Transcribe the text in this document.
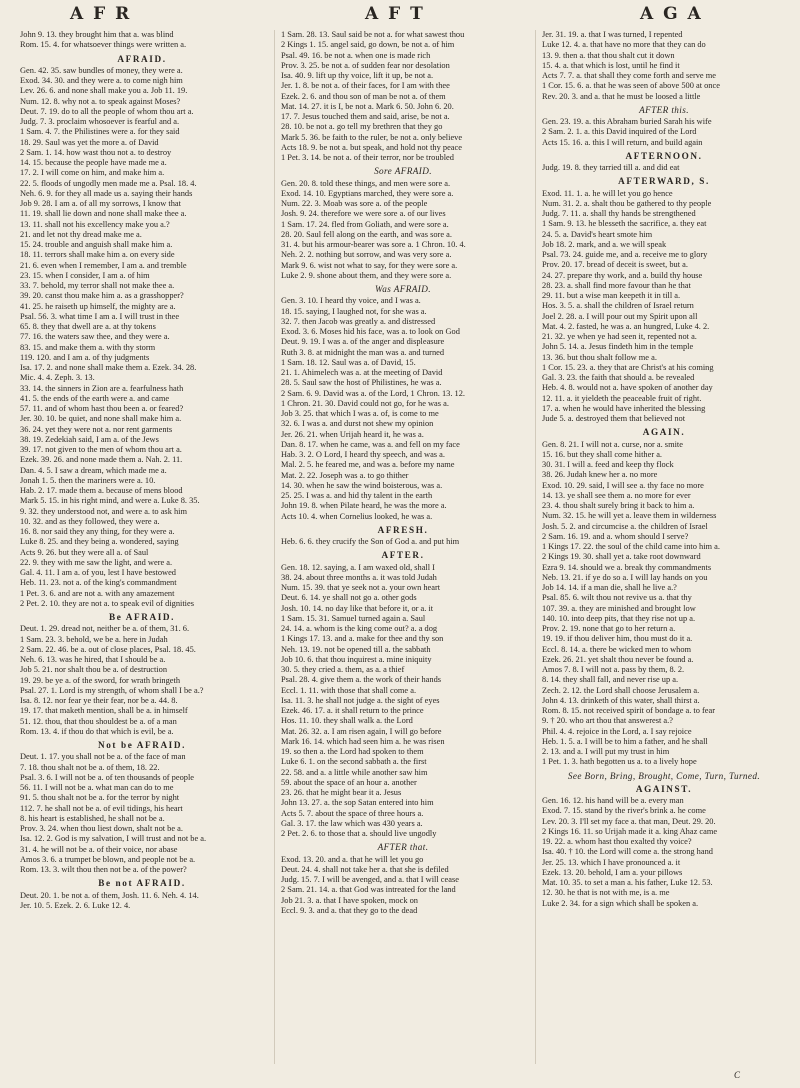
A F R	A F T	A G A

John 9. 13. they brought him that a. was blind

Rom. 15. 4. for whatsoever things were written a.

AFRAID.

Gen. 42. 35. saw bundles of money, they were a.

Exod. 34. 30. and they were a. to come nigh him

Lev. 26. 6. and none shall make you a. Job 11. 19.

Num. 12. 8. why not a. to speak against Moses?

Deut. 7. 19. do to all the people of whom thou art a.

Judg. 7. 3. proclaim whosoever is fearful and a.

1 Sam. 4. 7. the Philistines were a. for they said

18. 29. Saul was yet the more a. of David

2 Sam. 1. 14. how wast thou not a. to destroy

14. 15. because the people have made me a.

17. 2. I will come on him, and make him a.

22. 5. floods of ungodly men made me a. Psal. 18. 4.

Neh. 6. 9. for they all made us a. saying their hands

Job 9. 28. I am a. of all my sorrows, I know that

11. 19. shall lie down and none shall make thee a.

13. 11. shall not his excellency make you a.?

21. and let not thy dread make me a.

15. 24. trouble and anguish shall make him a.

18. 11. terrors shall make him a. on every side

21. 6. even when I remember, I am a. and tremble

23. 15. when I consider, I am a. of him

33. 7. behold, my terror shall not make thee a.

39. 20. canst thou make him a. as a grasshopper?

41. 25. he raiseth up himself, the mighty are a.

Psal. 56. 3. what time I am a. I will trust in thee

65. 8. they that dwell are a. at thy tokens

77. 16. the waters saw thee, and they were a.

83. 15. and make them a. with thy storm

119. 120. and I am a. of thy judgments

Isa. 17. 2. and none shall make them a. Ezek. 34. 28.

Mic. 4. 4. Zeph. 3. 13.

33. 14. the sinners in Zion are a. fearfulness hath

41. 5. the ends of the earth were a. and came

57. 11. and of whom hast thou been a. or feared?

Jer. 30. 10. be quiet, and none shall make him a.

36. 24. yet they were not a. nor rent garments

38. 19. Zedekiah said, I am a. of the Jews

39. 17. not given to the men of whom thou art a.

Ezek. 39. 26. and none made them a. Nah. 2. 11.

Dan. 4. 5. I saw a dream, which made me a.

Jonah 1. 5. then the mariners were a. 10.

Hab. 2. 17. made them a. because of mens blood

Mark 5. 15. in his right mind, and were a. Luke 8. 35.

9. 32. they understood not, and were a. to ask him

10. 32. and as they followed, they were a.

16. 8. nor said they any thing, for they were a.

Luke 8. 25. and they being a. wondered, saying

Acts 9. 26. but they were all a. of Saul

22. 9. they with me saw the light, and were a.

Gal. 4. 11. I am a. of you, lest I have bestowed

Heb. 11. 23. not a. of the king's commandment

1 Pet. 3. 6. and are not a. with any amazement

2 Pet. 2. 10. they are not a. to speak evil of dignities

Be AFRAID.

Deut. 1. 29. dread not, neither be a. of them, 31. 6.

1 Sam. 23. 3. behold, we be a. here in Judah

2 Sam. 22. 46. be a. out of close places, Psal. 18. 45.

Neh. 6. 13. was he hired, that I should be a.

Job 5. 21. nor shalt thou be a. of destruction

19. 29. be ye a. of the sword, for wrath bringeth

Psal. 27. 1. Lord is my strength, of whom shall I be a.?

Isa. 8. 12. nor fear ye their fear, nor be a. 44. 8.

19. 17. that maketh mention, shall be a. in himself

51. 12. thou, that thou shouldest be a. of a man

Rom. 13. 4. if thou do that which is evil, be a.

Not be AFRAID.

Deut. 1. 17. you shall not be a. of the face of man

7. 18. thou shalt not be a. of them, 18. 22.

Psal. 3. 6. I will not be a. of ten thousands of people

56. 11. I will not be a. what man can do to me

91. 5. thou shalt not be a. for the terror by night

112. 7. he shall not be a. of evil tidings, his heart

8. his heart is established, he shall not be a.

Prov. 3. 24. when thou liest down, shalt not be a.

Isa. 12. 2. God is my salvation, I will trust and not be a.

31. 4. he will not be a. of their voice, nor abase

Amos 3. 6. a trumpet be blown, and people not be a.

Rom. 13. 3. wilt thou then not be a. of the power?

Be not AFRAID.

Deut. 20. 1. be not a. of them, Josh. 11. 6. Neh. 4. 14.

Jer. 10. 5. Ezek. 2. 6. Luke 12. 4.

1 Sam. 28. 13. Saul said be not a. for what sawest thou

2 Kings 1. 15. angel said, go down, be not a. of him

Psal. 49. 16. be not a. when one is made rich

Prov. 3. 25. be not a. of sudden fear nor desolation

Isa. 40. 9. lift up thy voice, lift it up, be not a.

Jer. 1. 8. be not a. of their faces, for I am with thee

Ezek. 2. 6. and thou son of man be not a. of them

Mat. 14. 27. it is I, be not a. Mark 6. 50. John 6. 20.

17. 7. Jesus touched them and said, arise, be not a.

28. 10. be not a. go tell my brethren that they go

Mark 5. 36. be faith to the ruler, be not a. only believe

Acts 18. 9. be not a. but speak, and hold not thy peace

1 Pet. 3. 14. be not a. of their terror, nor be troubled

Sore AFRAID.

Gen. 20. 8. told these things, and men were sore a.

Exod. 14. 10. Egyptians marched, they were sore a.

Num. 22. 3. Moab was sore a. of the people

Josh. 9. 24. therefore we were sore a. of our lives

1 Sam. 17. 24. fled from Goliath, and were sore a.

28. 20. Saul fell along on the earth, and was sore a.

31. 4. but his armour-bearer was sore a. 1 Chron. 10. 4.

Neh. 2. 2. nothing but sorrow, and was very sore a.

Mark 9. 6. wist not what to say, for they were sore a.

Luke 2. 9. shone about them, and they were sore a.

Was AFRAID.

Gen. 3. 10. I heard thy voice, and I was a.

18. 15. saying, I laughed not, for she was a.

32. 7. then Jacob was greatly a. and distressed

Exod. 3. 6. Moses hid his face, was a. to look on God

Deut. 9. 19. I was a. of the anger and displeasure

Ruth 3. 8. at midnight the man was a. and turned

1 Sam. 18. 12. Saul was a. of David, 15.

21. 1. Ahimelech was a. at the meeting of David

28. 5. Saul saw the host of Philistines, he was a.

2 Sam. 6. 9. David was a. of the Lord, 1 Chron. 13. 12.

1 Chron. 21. 30. David could not go, for he was a.

Job 3. 25. that which I was a. of, is come to me

32. 6. I was a. and durst not shew my opinion

Jer. 26. 21. when Urijah heard it, he was a.

Dan. 8. 17. when he came, was a. and fell on my face

Hab. 3. 2. O Lord, I heard thy speech, and was a.

Mal. 2. 5. he feared me, and was a. before my name

Mat. 2. 22. Joseph was a. to go thither

14. 30. when he saw the wind boisterous, was a.

25. 25. I was a. and hid thy talent in the earth

John 19. 8. when Pilate heard, he was the more a.

Acts 10. 4. when Cornelius looked, he was a.

AFRESH.

Heb. 6. 6. they crucify the Son of God a. and put him

AFTER.

Gen. 18. 12. saying, a. I am waxed old, shall I

38. 24. about three months a. it was told Judah

Num. 15. 39. that ye seek not a. your own heart

Deut. 6. 14. ye shall not go a. other gods

Josh. 10. 14. no day like that before it, or a. it

1 Sam. 15. 31. Samuel turned again a. Saul

24. 14. a. whom is the king come out? a. a dog

1 Kings 17. 13. and a. make for thee and thy son

Neh. 13. 19. not be opened till a. the sabbath

Job 10. 6. that thou inquirest a. mine iniquity

30. 5. they cried a. them, as a. a thief

Psal. 28. 4. give them a. the work of their hands

Eccl. 1. 11. with those that shall come a.

Isa. 11. 3. he shall not judge a. the sight of eyes

Ezek. 46. 17. a. it shall return to the prince

Hos. 11. 10. they shall walk a. the Lord

Mat. 26. 32. a. I am risen again, I will go before

Mark 16. 14. which had seen him a. he was risen

19. so then a. the Lord had spoken to them

Luke 6. 1. on the second sabbath a. the first

22. 58. and a. a little while another saw him

59. about the space of an hour a. another

23. 26. that he might bear it a. Jesus

John 13. 27. a. the sop Satan entered into him

Acts 5. 7. about the space of three hours a.

Gal. 3. 17. the law which was 430 years a.

2 Pet. 2. 6. to those that a. should live ungodly

AFTER that.

Exod. 13. 20. and a. that he will let you go

Deut. 24. 4. shall not take her a. that she is defiled

Judg. 15. 7. I will be avenged, and a. that I will cease

2 Sam. 21. 14. a. that God was intreated for the land

Job 21. 3. a. that I have spoken, mock on

Eccl. 9. 3. and a. that they go to the dead

Jer. 31. 19. a. that I was turned, I repented

Luke 12. 4. a. that have no more that they can do

13. 9. then a. that thou shalt cut it down

15. 4. a. that which is lost, until he find it

Acts 7. 7. a. that shall they come forth and serve me

1 Cor. 15. 6. a. that he was seen of above 500 at once

Rev. 20. 3. and a. that he must be loosed a little

AFTER this.

Gen. 23. 19. a. this Abraham buried Sarah his wife

2 Sam. 2. 1. a. this David inquired of the Lord

Acts 15. 16. a. this I will return, and build again

AFTERNOON.

Judg. 19. 8. they tarried till a. and did eat

AFTERWARD, S.

Exod. 11. 1. a. he will let you go hence

Num. 31. 2. a. shalt thou be gathered to thy people

Judg. 7. 11. a. shall thy hands be strengthened

1 Sam. 9. 13. he blesseth the sacrifice, a. they eat

24. 5. a. David's heart smote him

Job 18. 2. mark, and a. we will speak

Psal. 73. 24. guide me, and a. receive me to glory

Prov. 20. 17. bread of deceit is sweet, but a.

24. 27. prepare thy work, and a. build thy house

28. 23. a. shall find more favour than he that

29. 11. but a wise man keepeth it in till a.

Hos. 3. 5. a. shall the children of Israel return

Joel 2. 28. a. I will pour out my Spirit upon all

Mat. 4. 2. fasted, he was a. an hungred, Luke 4. 2.

21. 32. ye when ye had seen it, repented not a.

John 5. 14. a. Jesus findeth him in the temple

13. 36. but thou shalt follow me a.

1 Cor. 15. 23. a. they that are Christ's at his coming

Gal. 3. 23. the faith that should a. be revealed

Heb. 4. 8. would not a. have spoken of another day

12. 11. a. it yieldeth the peaceable fruit of right.

17. a. when he would have inherited the blessing

Jude 5. a. destroyed them that believed not

AGAIN.

Gen. 8. 21. I will not a. curse, nor a. smite

15. 16. but they shall come hither a.

30. 31. I will a. feed and keep thy flock

38. 26. Judah knew her a. no more

Exod. 10. 29. said, I will see a. thy face no more

14. 13. ye shall see them a. no more for ever

23. 4. thou shalt surely bring it back to him a.

Num. 32. 15. he will yet a. leave them in wilderness

Josh. 5. 2. and circumcise a. the children of Israel

2 Sam. 16. 19. and a. whom should I serve?

1 Kings 17. 22. the soul of the child came into him a.

2 Kings 19. 30. shall yet a. take root downward

Ezra 9. 14. should we a. break thy commandments

Neb. 13. 21. if ye do so a. I will lay hands on you

Job 14. 14. if a man die, shall he live a.?

Psal. 85. 6. wilt thou not revive us a. that thy

107. 39. a. they are minished and brought low

140. 10. into deep pits, that they rise not up a.

Prov. 2. 19. none that go to her return a.

19. 19. if thou deliver him, thou must do it a.

Eccl. 8. 14. a. there be wicked men to whom

Ezek. 26. 21. yet shalt thou never be found a.

Amos 7. 8. I will not a. pass by them, 8. 2.

8. 14. they shall fall, and never rise up a.

Zech. 2. 12. the Lord shall choose Jerusalem a.

John 4. 13. drinketh of this water, shall thirst a.

Rom. 8. 15. not received spirit of bondage a. to fear

9. † 20. who art thou that answerest a.?

Phil. 4. 4. rejoice in the Lord, a. I say rejoice

Heb. 1. 5. a. I will be to him a father, and he shall

2. 13. and a. I will put my trust in him

1 Pet. 1. 3. hath begotten us a. to a lively hope

See Born, Bring, Brought, Come, Turn, Turned.

AGAINST.

Gen. 16. 12. his hand will be a. every man

Exod. 7. 15. stand by the river's brink a. he come

Lev. 20. 3. I'll set my face a. that man, Deut. 29. 20.

2 Kings 16. 11. so Urijah made it a. king Ahaz came

19. 22. a. whom hast thou exalted thy voice?

Isa. 40. † 10. the Lord will come a. the strong hand

Jer. 25. 13. which I have pronounced a. it

Ezek. 13. 20. behold, I am a. your pillows

Mat. 10. 35. to set a man a. his father, Luke 12. 53.

12. 30. he that is not with me, is a. me

Luke 2. 34. for a sign which shall be spoken a.

C
